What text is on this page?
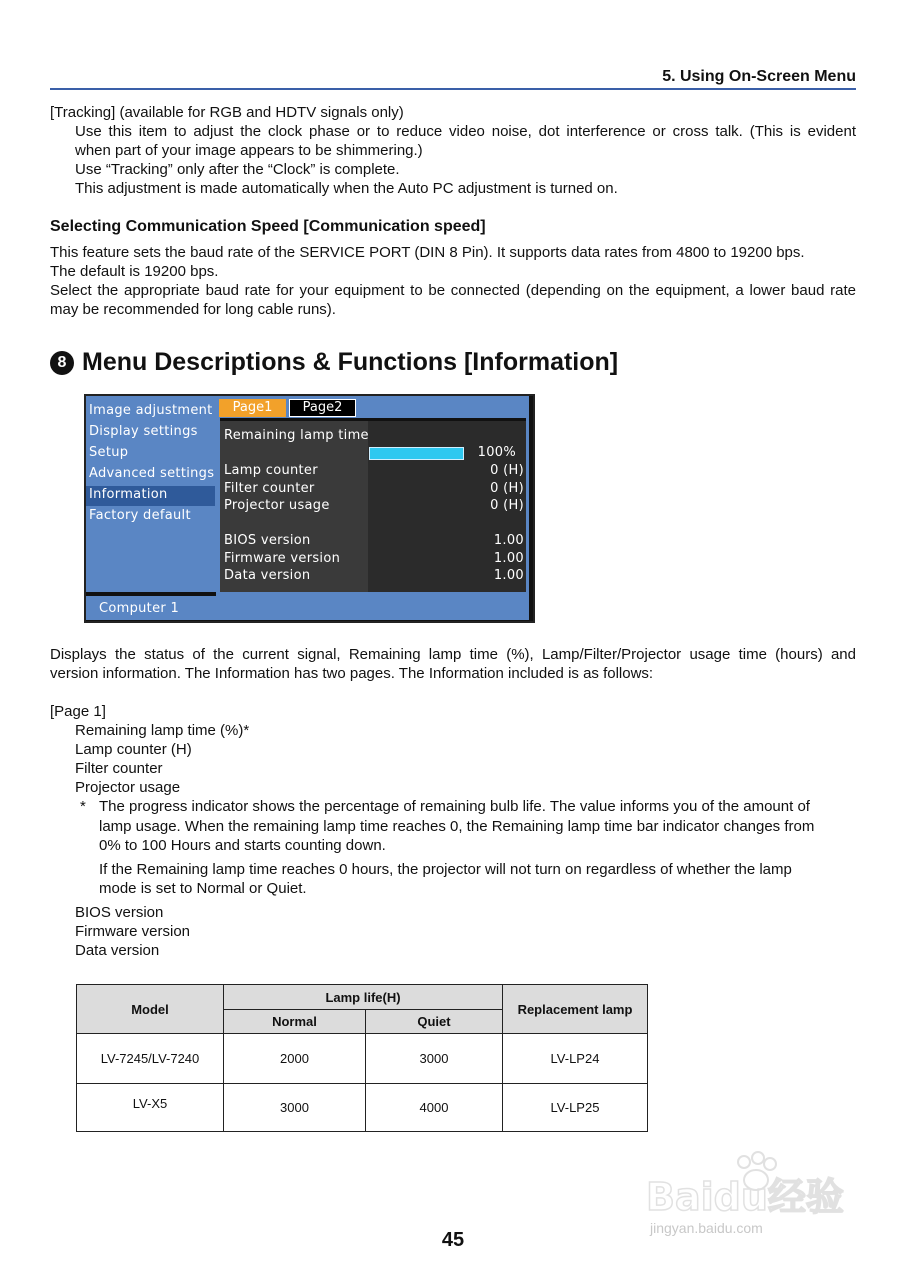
5. Using On-Screen Menu
[Tracking] (available for RGB and HDTV signals only)
Use this item to adjust the clock phase or to reduce video noise, dot interference or cross talk. (This is evident
when part of your image appears to be shimmering.)
Use “Tracking” only after the “Clock” is complete.
This adjustment is made automatically when the Auto PC adjustment is turned on.
Selecting Communication Speed [Communication speed]
This feature sets the baud rate of the SERVICE PORT (DIN 8 Pin). It supports data rates from 4800 to 19200 bps.
The default is 19200 bps.
Select the appropriate baud rate for your equipment to be connected (depending on the equipment, a lower baud rate
may be recommended for long cable runs).
8 Menu Descriptions & Functions [Information]
Image adjustment
Display settings
Setup
Advanced settings
Information
Factory default
Page1	Page2
Remaining lamp time
100%
Lamp counter	0 (H)
Filter counter	0 (H)
Projector usage	0 (H)
BIOS version	1.00
Firmware version	1.00
Data version	1.00
Computer 1
Displays the status of the current signal, Remaining lamp time (%), Lamp/Filter/Projector usage time (hours) and
version information. The Information has two pages. The Information included is as follows:
[Page 1]
Remaining lamp time (%)*
Lamp counter (H)
Filter counter
Projector usage
* The progress indicator shows the percentage of remaining bulb life. The value informs you of the amount of
lamp usage. When the remaining lamp time reaches 0, the Remaining lamp time bar indicator changes from
0% to 100 Hours and starts counting down.
If the Remaining lamp time reaches 0 hours, the projector will not turn on regardless of whether the lamp
mode is set to Normal or Quiet.
BIOS version
Firmware version
Data version
Model	Lamp life(H)		Replacement lamp
	Normal	Quiet	
LV-7245/LV-7240	2000	3000	LV-LP24
LV-X5	3000	4000	LV-LP25
Baidu经验
jingyan.baidu.com
45
